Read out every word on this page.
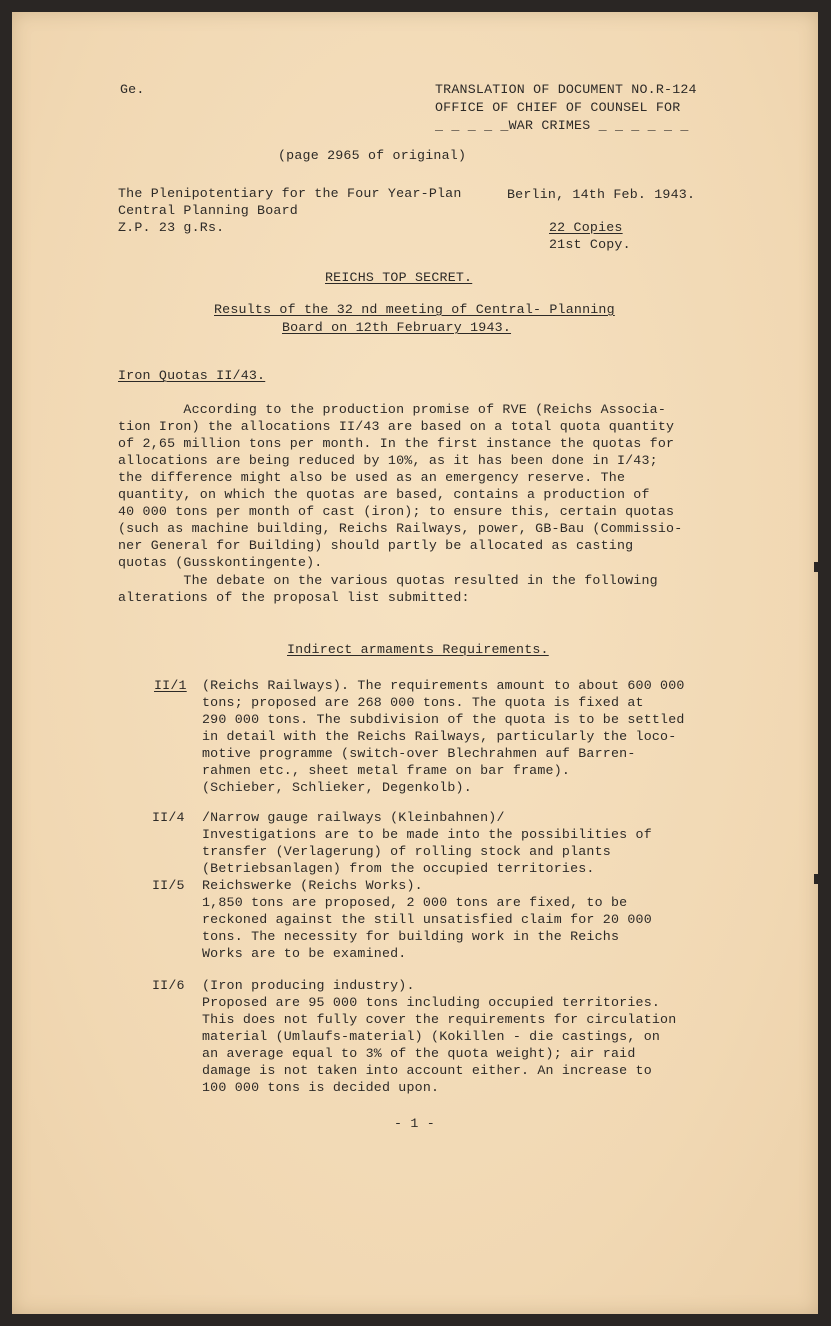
Ge.	TRANSLATION OF DOCUMENT NO.R-124
OFFICE OF CHIEF OF COUNSEL FOR
_ _ _ _ _WAR CRIMES _ _ _ _ _ _
(page 2965 of original)
The Plenipotentiary for the Four Year-Plan
Central Planning Board
Z.P. 23 g.Rs.
Berlin, 14th Feb. 1943.
22 Copies
21st Copy.
REICHS TOP SECRET.
Results of the 32 nd meeting of Central- Planning
Board on 12th February 1943.
Iron Quotas II/43.
According to the production promise of RVE (Reichs Associa-
tion Iron) the allocations II/43 are based on a total quota quantity
of 2,65 million tons per month. In the first instance the quotas for
allocations are being reduced by 10%, as it has been done in I/43;
the difference might also be used as an emergency reserve. The
quantity, on which the quotas are based, contains a production of
40 000 tons per month of cast (iron); to ensure this, certain quotas
(such as machine building, Reichs Railways, power, GB-Bau (Commissio-
ner General for Building) should partly be allocated as casting
quotas (Gusskontingente).
The debate on the various quotas resulted in the following
alterations of the proposal list submitted:
Indirect armaments Requirements.
II/1 (Reichs Railways). The requirements amount to about 600 000
tons; proposed are 268 000 tons. The quota is fixed at
290 000 tons. The subdivision of the quota is to be settled
in detail with the Reichs Railways, particularly the loco-
motive programme (switch-over Blechrahmen auf Barren-
rahmen etc., sheet metal frame on bar frame).
(Schieber, Schlieker, Degenkolb).
II/4 /Narrow gauge railways (Kleinbahnen)/
Investigations are to be made into the possibilities of
transfer (Verlagerung) of rolling stock and plants
(Betriebsanlagen) from the occupied territories.
II/5 Reichswerke (Reichs Works).
1,850 tons are proposed, 2 000 tons are fixed, to be
reckoned against the still unsatisfied claim for 20 000
tons. The necessity for building work in the Reichs
Works are to be examined.
II/6 (Iron producing industry).
Proposed are 95 000 tons including occupied territories.
This does not fully cover the requirements for circulation
material (Umlaufs-material) (Kokillen - die castings, on
an average equal to 3% of the quota weight); air raid
damage is not taken into account either. An increase to
100 000 tons is decided upon.
- 1 -
